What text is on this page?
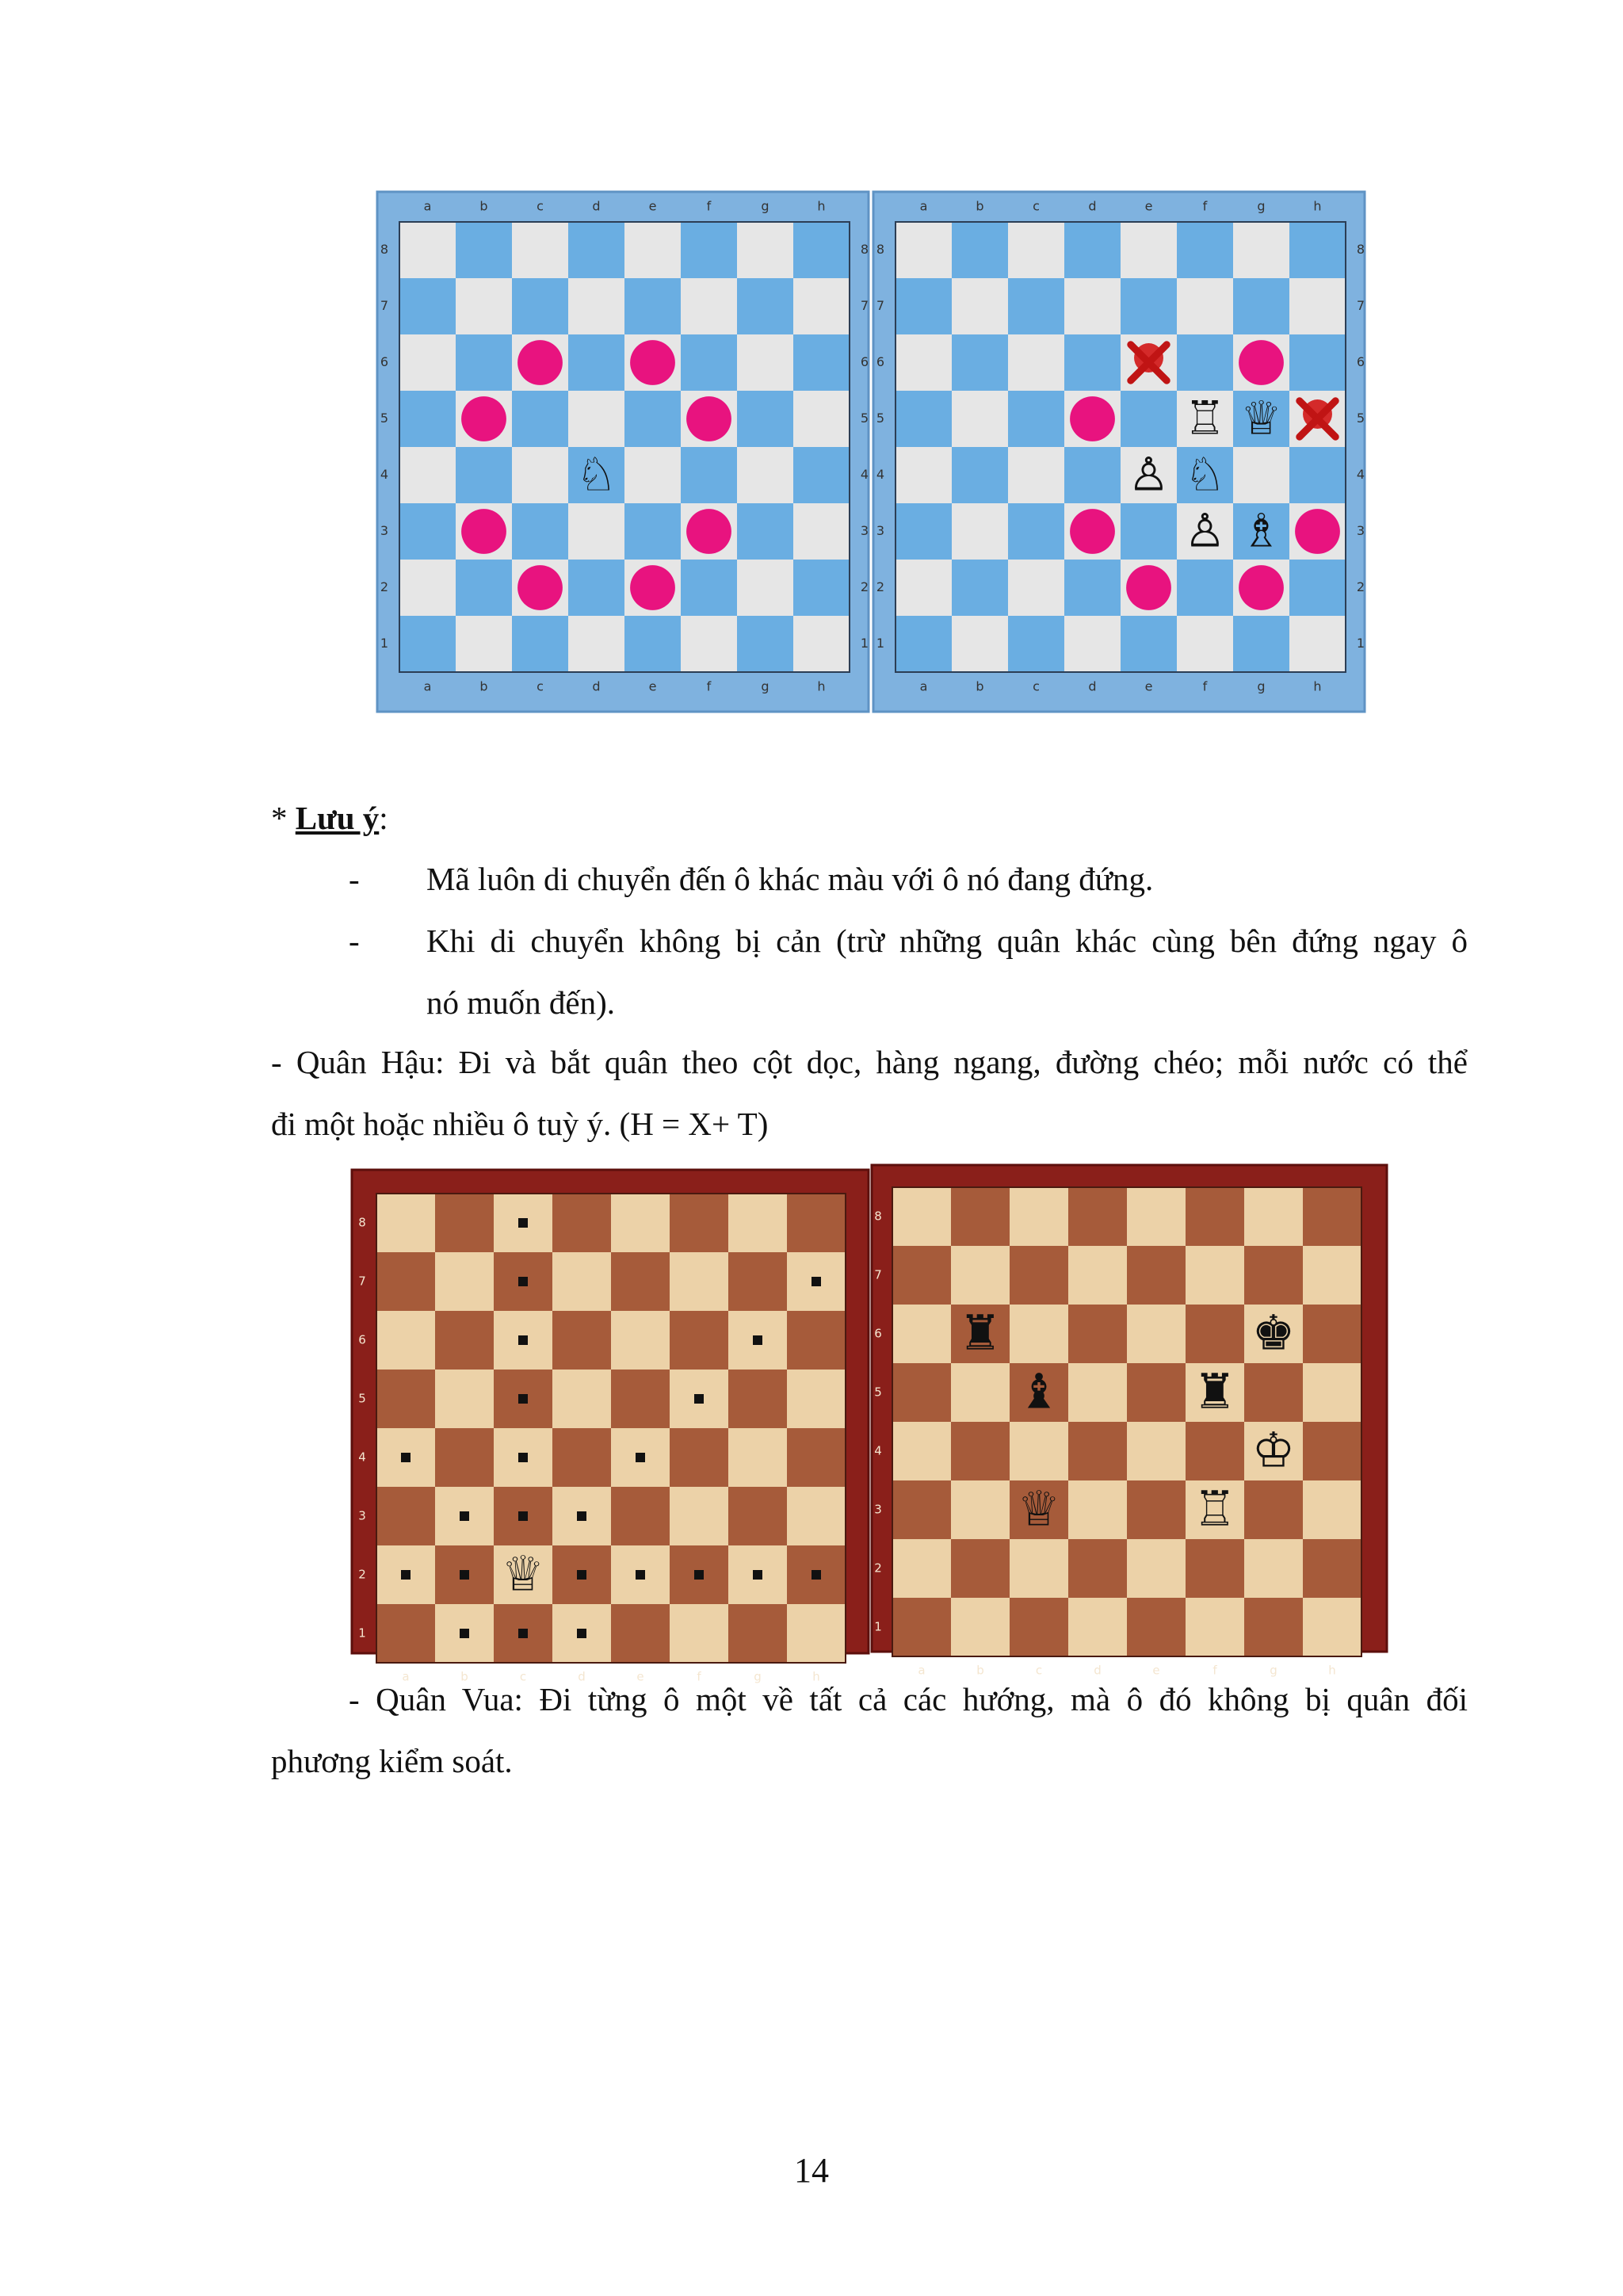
a
a
b
b
c
c
d
d
e
e
f
f
g
g
h
h
8	8
7	7
6	6
5	5
4	4
3	3
2	2
1	1
♘
a
a
b
b
c
c
d
d
e
e
f
f
g
g
h
h
8	8
7	7
6	6
5	5
4	4
3	3
2	2
1	1
♖ ♕
♙ ♘
♙ ♗
* Lưu ý:
- Mã luôn di chuyển đến ô khác màu với ô nó đang đứng.
- Khi di chuyển không bị cản (trừ những quân khác cùng bên đứng ngay ô
nó muốn đến).
- Quân Hậu: Đi và bắt quân theo cột dọc, hàng ngang, đường chéo; mỗi nước có thể
đi một hoặc nhiều ô tuỳ ý. (H = X+ T)
a	b	c	d	e	f	g	h
8
7
6
5
4
3
2
1
♕
a	b	c	d	e	f	g	h
8
7
6
5
4
3
2
1
♜	♚
♝	♜
♔
♕	♖
- Quân Vua: Đi từng ô một về tất cả các hướng, mà ô đó không bị quân đối
phương kiểm soát.
14
